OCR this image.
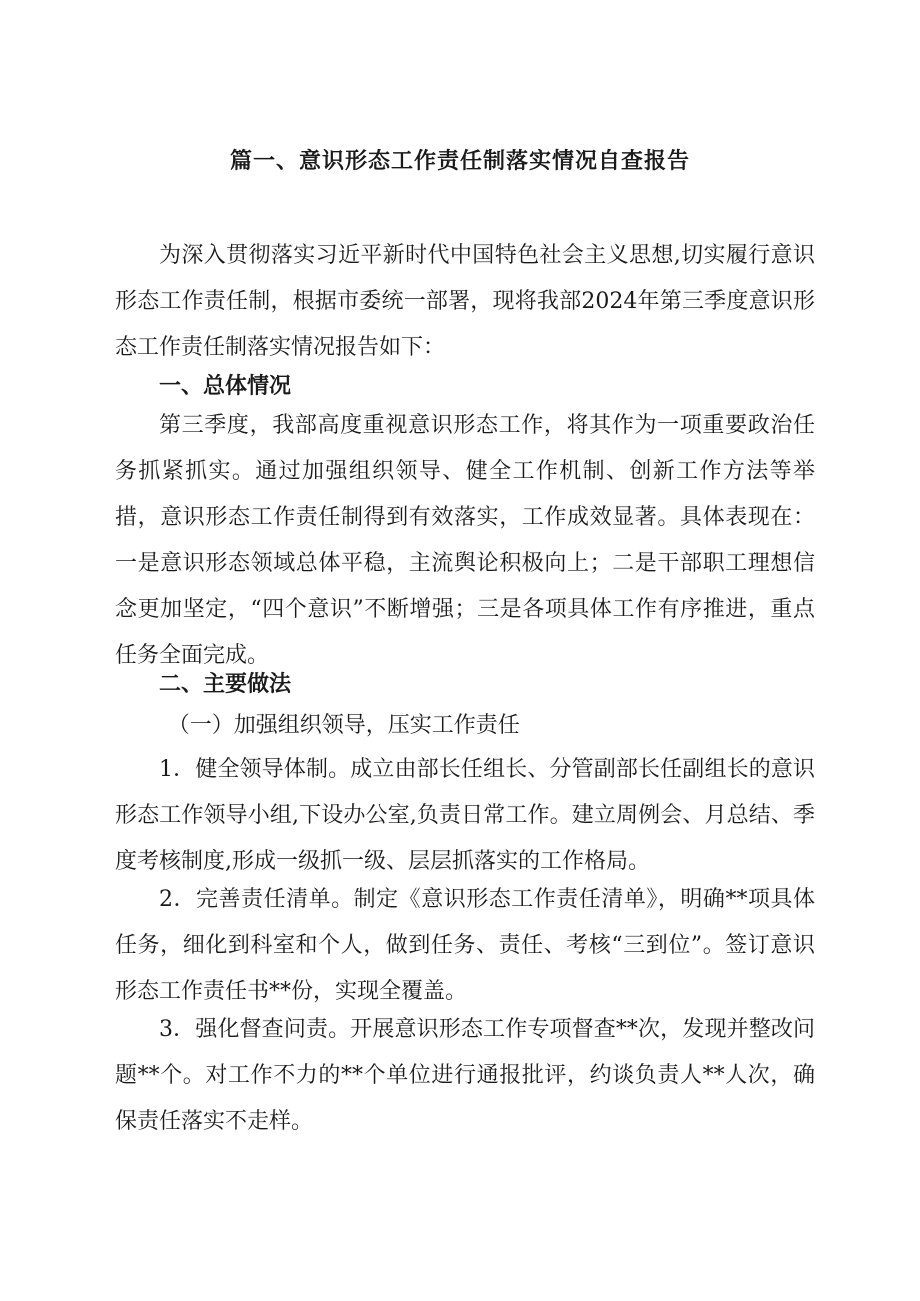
篇一、意识形态工作责任制落实情况自查报告

为深入贯彻落实习近平新时代中国特色社会主义思想,切实履行意识形态工作责任制，根据市委统一部署，现将我部2024年第三季度意识形态工作责任制落实情况报告如下：

一、总体情况

第三季度，我部高度重视意识形态工作，将其作为一项重要政治任务抓紧抓实。通过加强组织领导、健全工作机制、创新工作方法等举措，意识形态工作责任制得到有效落实，工作成效显著。具体表现在：一是意识形态领域总体平稳，主流舆论积极向上；二是干部职工理想信念更加坚定，“四个意识”不断增强；三是各项具体工作有序推进，重点任务全面完成。

二、主要做法

（一）加强组织领导，压实工作责任

1．健全领导体制。成立由部长任组长、分管副部长任副组长的意识形态工作领导小组,下设办公室,负责日常工作。建立周例会、月总结、季度考核制度,形成一级抓一级、层层抓落实的工作格局。

2．完善责任清单。制定《意识形态工作责任清单》，明确**项具体任务，细化到科室和个人，做到任务、责任、考核“三到位”。签订意识形态工作责任书**份，实现全覆盖。

3．强化督查问责。开展意识形态工作专项督查**次，发现并整改问题**个。对工作不力的**个单位进行通报批评，约谈负责人**人次，确保责任落实不走样。
